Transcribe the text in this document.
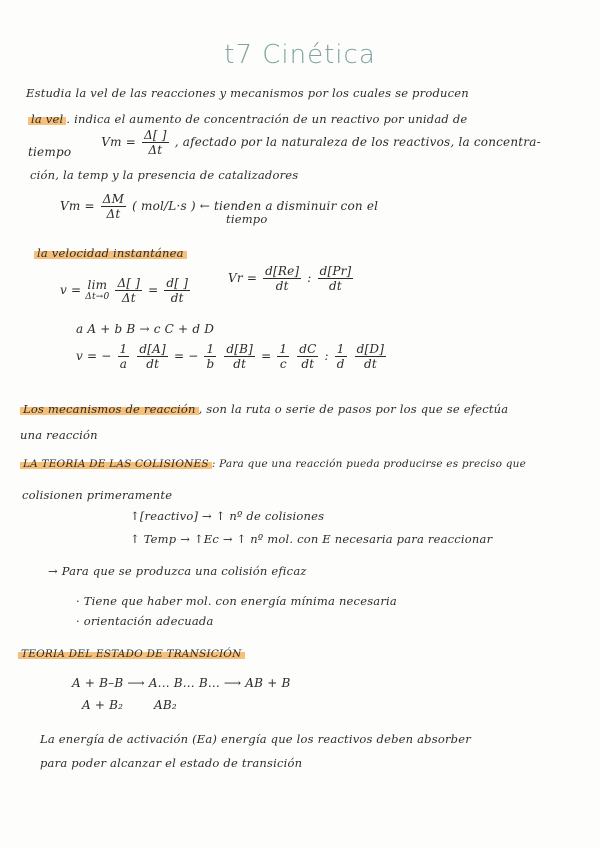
t7 Cinética
Estudia la vel de las reacciones y mecanismos por los cuales se producen
la vel . indica el aumento de concentración de un reactivo por unidad de
tiempo  $Vm = \frac{\Delta[ ]}{\Delta t}$ , afectado por la naturaleza de los reactivos, la concentra-
ción, la temp y la presencia de catalizadores
$Vm = \frac{\Delta M}{\Delta t}$ ( mol/L·s ) ← tienden a disminuir con el
tiempo
la velocidad instantánea
v = lim
Δt→0
$\frac{\Delta[ ]}{\Delta t} = \frac{d[ ]}{dt}$	$Vr = \frac{d[Re]}{dt}$ : $\frac{d[Pr]}{dt}$
a A + b B → c C + d D
v = − $\frac{1}{a}$
$\frac{d[A]}{dt}$ = − $\frac{1}{b}$
$\frac{d[B]}{dt} = \frac{1}{c}$
$\frac{dC}{dt}$ : $\frac{1}{d}$
$\frac{d[D]}{dt}$
Los mecanismos de reacción , son la ruta o serie de pasos por los que se efectúa
una reacción
LA TEORIA DE LAS COLISIONES : Para que una reacción pueda producirse es preciso que
colisionen primeramente
↑[reactivo] → ↑ nº de colisiones
↑ Temp → ↑Ec → ↑ nº mol. con E necesaria para reaccionar
→ Para que se produzca una colisión eficaz
· Tiene que haber mol. con energía mínima necesaria
· orientación adecuada
TEORIA DEL ESTADO DE TRANSICIÓN
A + B–B ⟶ A... B... B... ⟶ AB + B
A + B₂	AB₂
La energía de activación (Ea) energía que los reactivos deben absorber
para poder alcanzar el estado de transición
